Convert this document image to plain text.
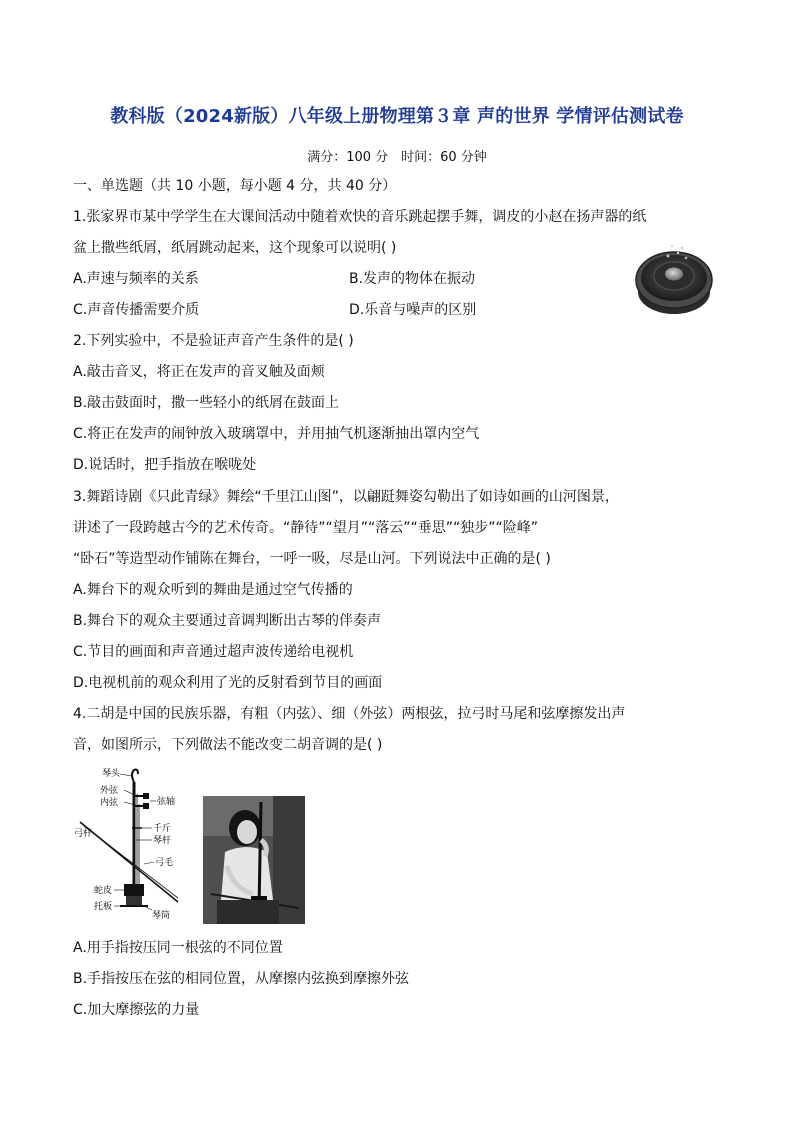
教科版（2024新版）八年级上册物理第３章 声的世界 学情评估测试卷
满分：100 分　时间：60 分钟
一、单选题（共 10 小题，每小题 4 分，共 40 分）
1.张家界市某中学学生在大课间活动中随着欢快的音乐跳起摆手舞，调皮的小赵在扬声器的纸
盆上撒些纸屑，纸屑跳动起来，这个现象可以说明( )
A.声速与频率的关系	B.发声的物体在振动
C.声音传播需要介质	D.乐音与噪声的区别
2.下列实验中，不是验证声音产生条件的是( )
A.敲击音叉，将正在发声的音叉触及面颊
B.敲击鼓面时，撒一些轻小的纸屑在鼓面上
C.将正在发声的闹钟放入玻璃罩中，并用抽气机逐渐抽出罩内空气
D.说话时，把手指放在喉咙处
3.舞蹈诗剧《只此青绿》舞绘“千里江山图”，以翩跹舞姿勾勒出了如诗如画的山河图景，
讲述了一段跨越古今的艺术传奇。“静待”“望月”“落云”“垂思”“独步”“险峰”
“卧石”等造型动作铺陈在舞台，一呼一吸，尽是山河。下列说法中正确的是( )
A.舞台下的观众听到的舞曲是通过空气传播的
B.舞台下的观众主要通过音调判断出古琴的伴奏声
C.节目的画面和声音通过超声波传递给电视机
D.电视机前的观众利用了光的反射看到节目的画面
4.二胡是中国的民族乐器，有粗（内弦）、细（外弦）两根弦，拉弓时马尾和弦摩擦发出声
音，如图所示，下列做法不能改变二胡音调的是( )
琴头
外弦
内弦	弦轴
弓杆	千斤
琴杆
弓毛
蛇皮
托板
琴筒
A.用手指按压同一根弦的不同位置
B.手指按压在弦的相同位置，从摩擦内弦换到摩擦外弦
C.加大摩擦弦的力量
